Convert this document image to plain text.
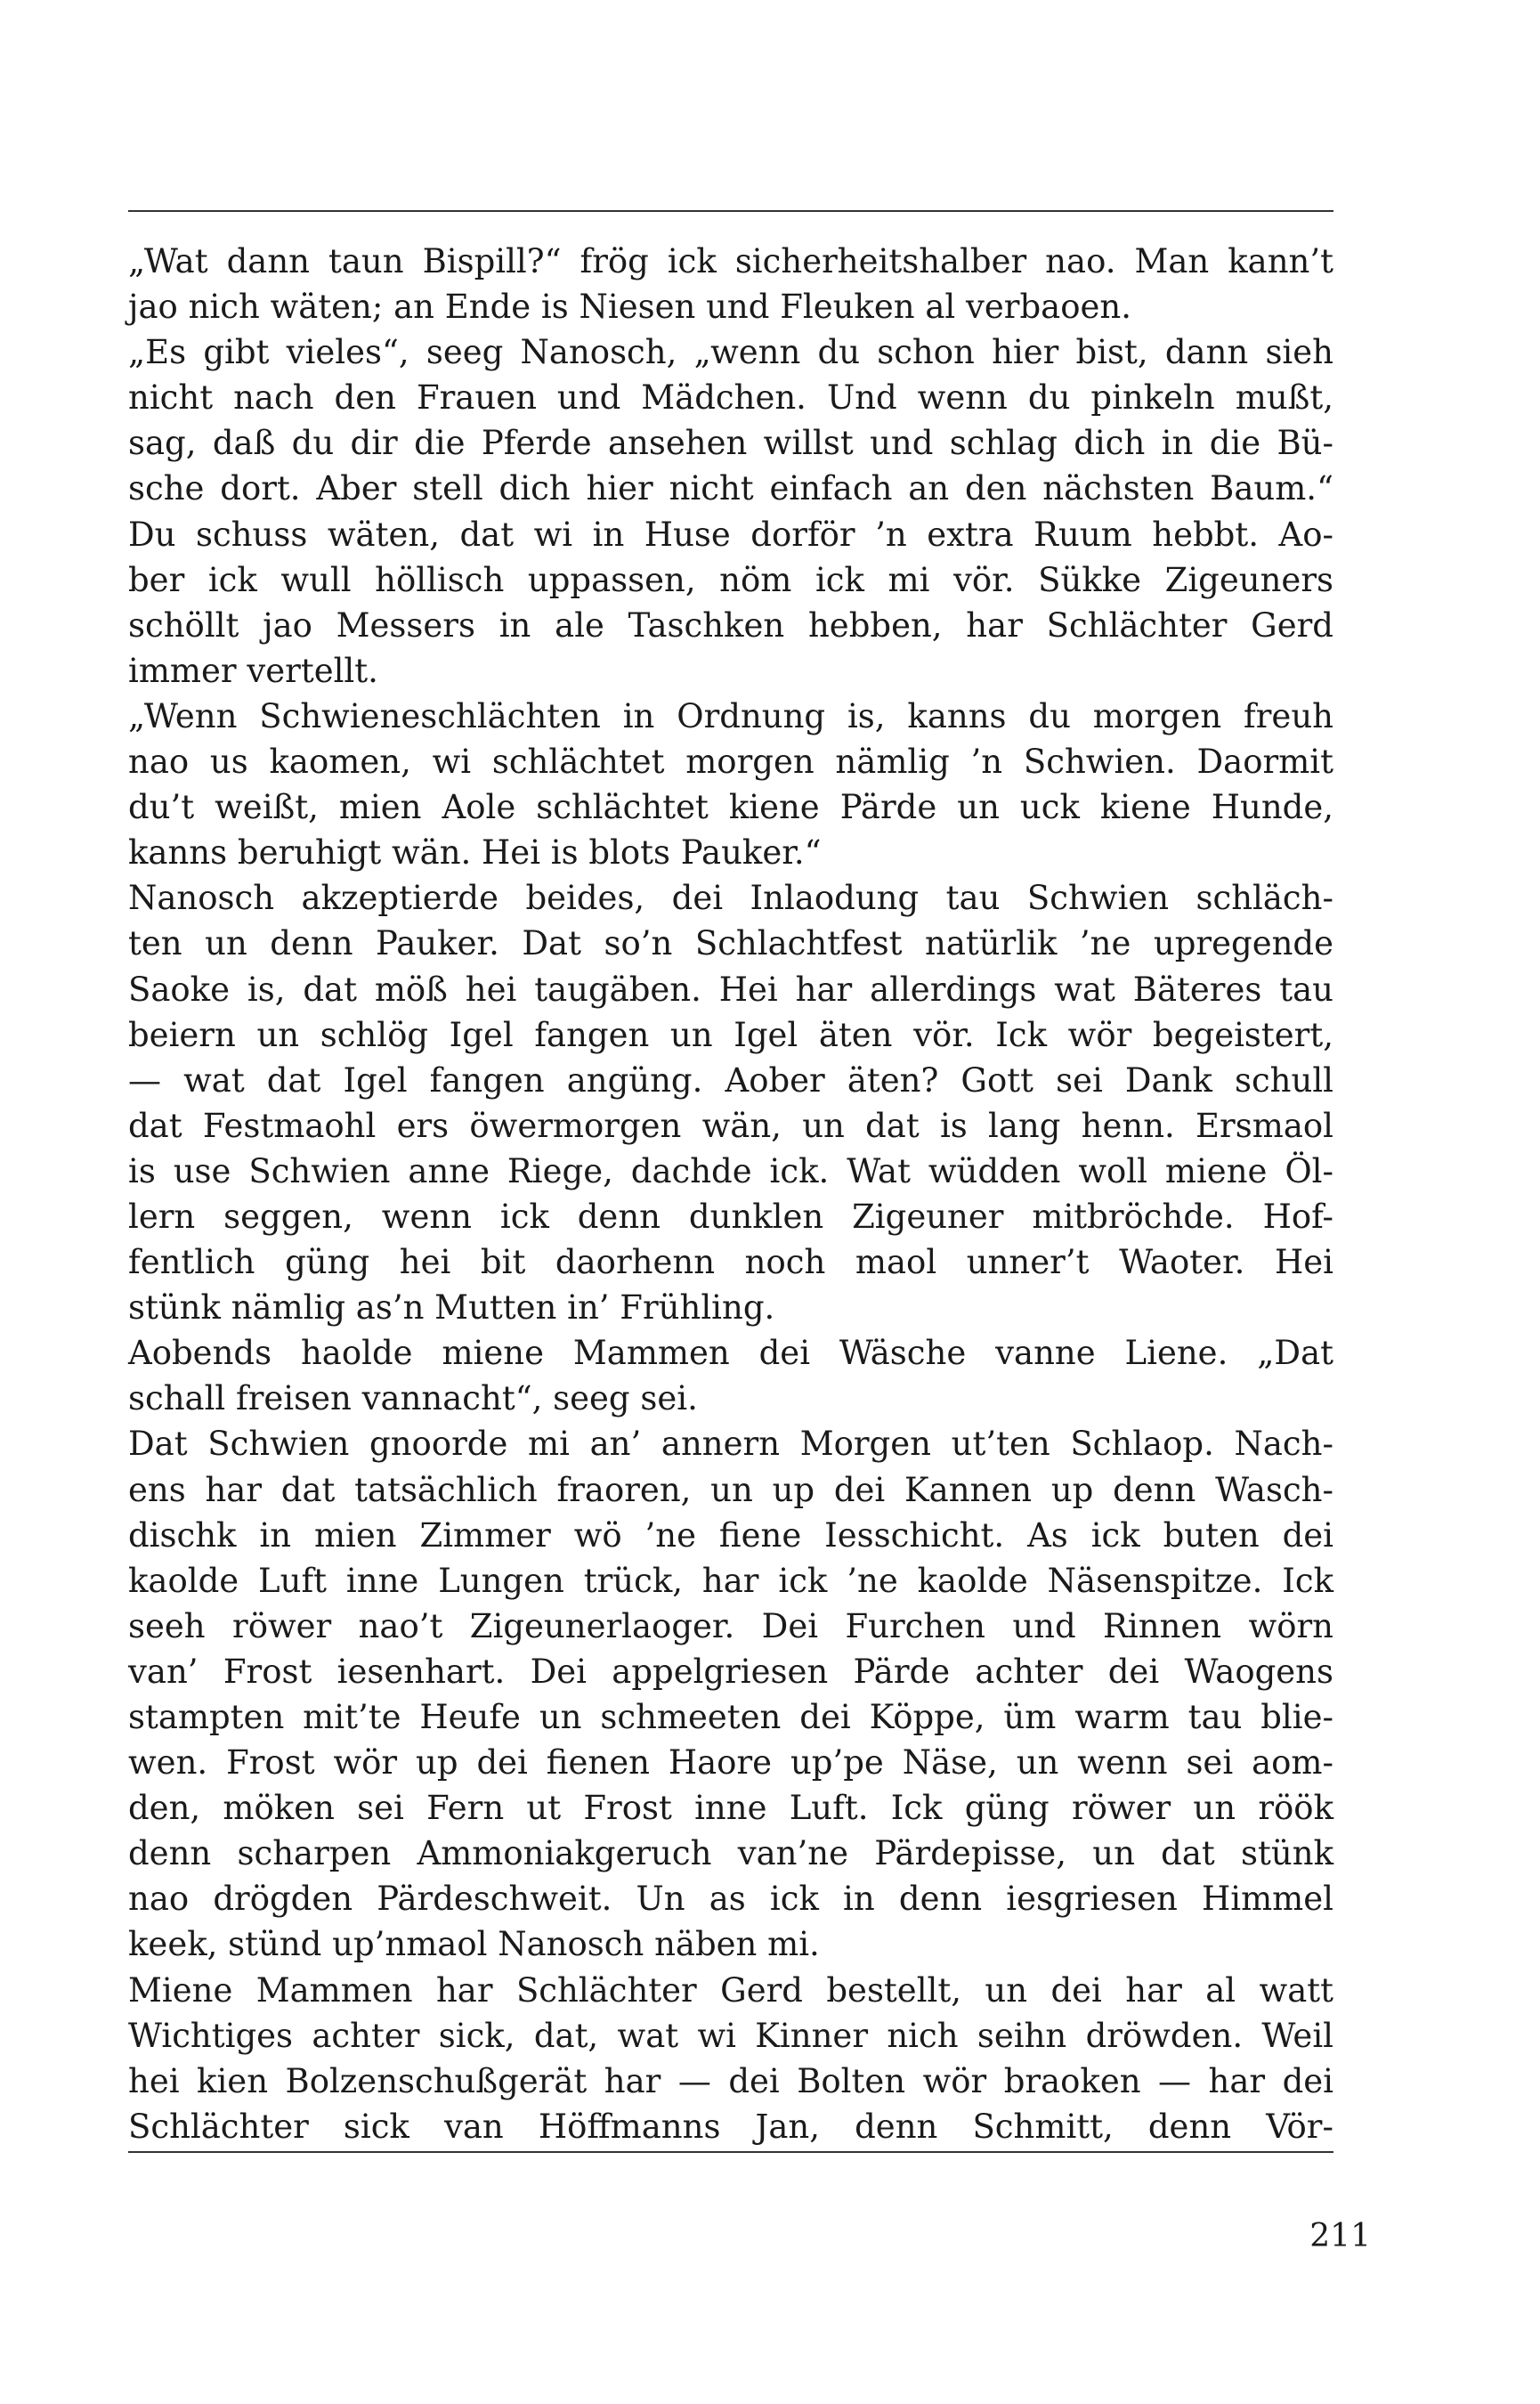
„Wat dann taun Bispill?“ frög ick sicherheitshalber nao. Man kann’t
jao nich wäten; an Ende is Niesen und Fleuken al verbaoen.
„Es gibt vieles“, seeg Nanosch, „wenn du schon hier bist, dann sieh
nicht nach den Frauen und Mädchen. Und wenn du pinkeln mußt,
sag, daß du dir die Pferde ansehen willst und schlag dich in die Bü-
sche dort. Aber stell dich hier nicht einfach an den nächsten Baum.“
Du schuss wäten, dat wi in Huse dorför ’n extra Ruum hebbt. Ao-
ber ick wull höllisch uppassen, nöm ick mi vör. Sükke Zigeuners
schöllt jao Messers in ale Taschken hebben, har Schlächter Gerd
immer vertellt.
„Wenn Schwieneschlächten in Ordnung is, kanns du morgen freuh
nao us kaomen, wi schlächtet morgen nämlig ’n Schwien. Daormit
du’t weißt, mien Aole schlächtet kiene Pärde un uck kiene Hunde,
kanns beruhigt wän. Hei is blots Pauker.“
Nanosch akzeptierde beides, dei Inlaodung tau Schwien schläch-
ten un denn Pauker. Dat so’n Schlachtfest natürlik ’ne upregende
Saoke is, dat möß hei taugäben. Hei har allerdings wat Bäteres tau
beiern un schlög Igel fangen un Igel äten vör. Ick wör begeistert,
— wat dat Igel fangen angüng. Aober äten? Gott sei Dank schull
dat Festmaohl ers öwermorgen wän, un dat is lang henn. Ersmaol
is use Schwien anne Riege, dachde ick. Wat wüdden woll miene Öl-
lern seggen, wenn ick denn dunklen Zigeuner mitbröchde. Hof-
fentlich güng hei bit daorhenn noch maol unner’t Waoter. Hei
stünk nämlig as’n Mutten in’ Frühling.
Aobends haolde miene Mammen dei Wäsche vanne Liene. „Dat
schall freisen vannacht“, seeg sei.
Dat Schwien gnoorde mi an’ annern Morgen ut’ten Schlaop. Nach-
ens har dat tatsächlich fraoren, un up dei Kannen up denn Wasch-
dischk in mien Zimmer wö ’ne fiene Iesschicht. As ick buten dei
kaolde Luft inne Lungen trück, har ick ’ne kaolde Näsenspitze. Ick
seeh röwer nao’t Zigeunerlaoger. Dei Furchen und Rinnen wörn
van’ Frost iesenhart. Dei appelgriesen Pärde achter dei Waogens
stampten mit’te Heufe un schmeeten dei Köppe, üm warm tau blie-
wen. Frost wör up dei fienen Haore up’pe Näse, un wenn sei aom-
den, möken sei Fern ut Frost inne Luft. Ick güng röwer un röök
denn scharpen Ammoniakgeruch van’ne Pärdepisse, un dat stünk
nao drögden Pärdeschweit. Un as ick in denn iesgriesen Himmel
keek, stünd up’nmaol Nanosch näben mi.
Miene Mammen har Schlächter Gerd bestellt, un dei har al watt
Wichtiges achter sick, dat, wat wi Kinner nich seihn dröwden. Weil
hei kien Bolzenschußgerät har — dei Bolten wör braoken — har dei
Schlächter sick van Höffmanns Jan, denn Schmitt, denn Vör-
211
